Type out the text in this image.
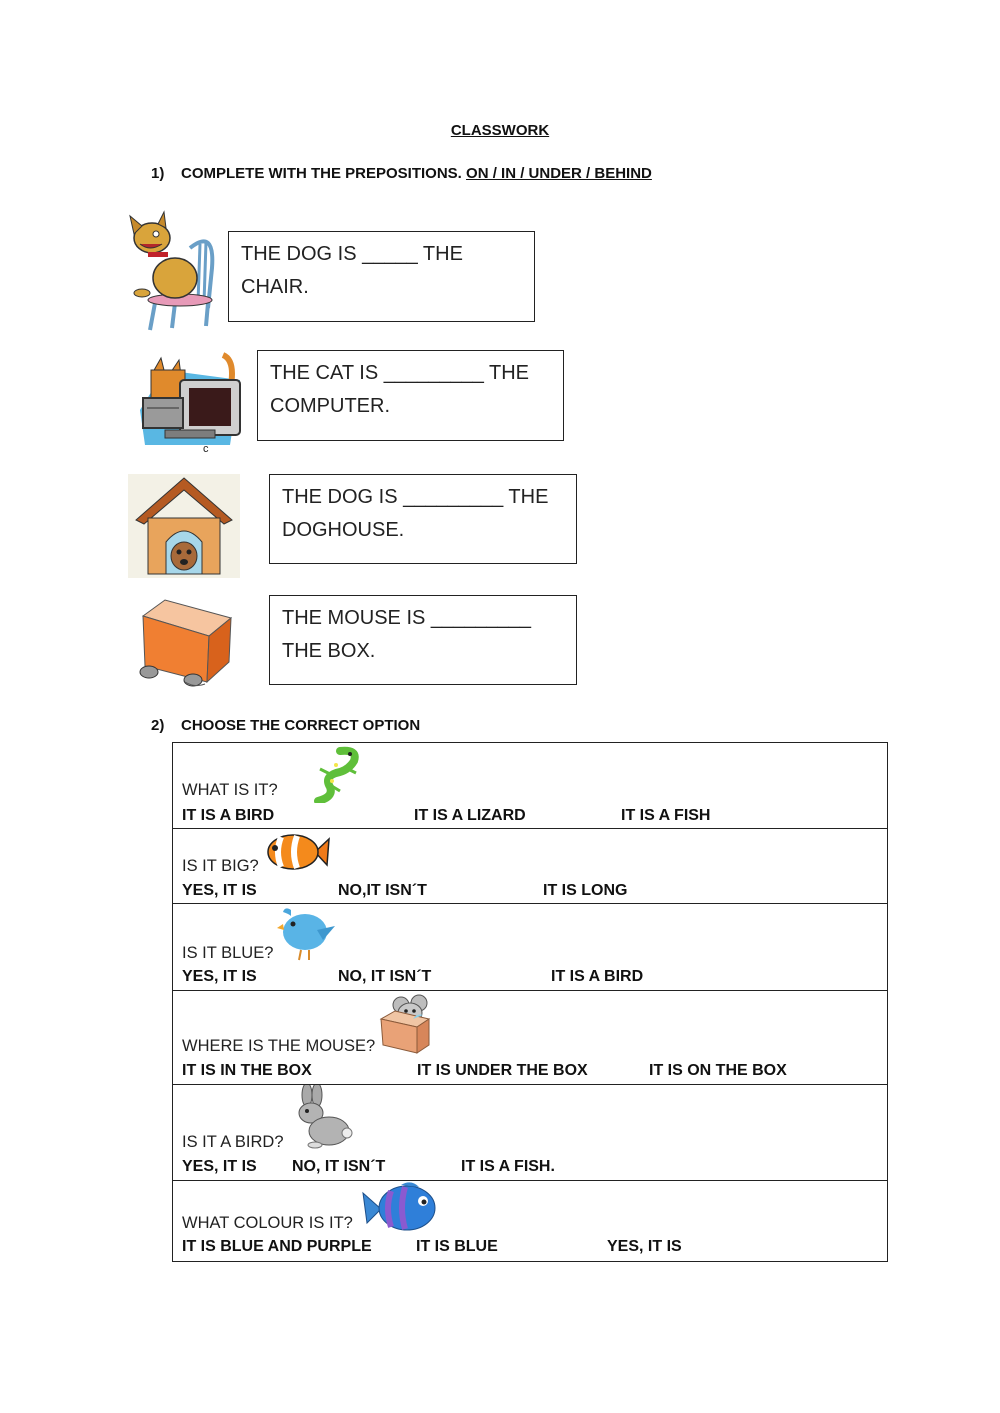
CLASSWORK
1) COMPLETE WITH THE PREPOSITIONS. ON / IN / UNDER / BEHIND
THE DOG IS _____ THE
CHAIR.
c
THE CAT IS _________ THE
COMPUTER.
THE DOG IS _________ THE
DOGHOUSE.
THE MOUSE IS _________
THE BOX.
2) CHOOSE THE CORRECT OPTION
WHAT IS IT?
IT IS A BIRD	IT IS A LIZARD	IT IS A FISH

IS IT BIG?
YES, IT IS	NO,IT ISN´T	IT IS LONG

IS IT BLUE?
YES, IT IS	NO, IT ISN´T	IT IS A BIRD

WHERE IS THE MOUSE?
IT IS IN THE BOX	IT IS UNDER THE BOX	IT IS ON THE BOX

IS IT A BIRD?
YES, IT IS NO, IT ISN´T	IT IS A FISH.

WHAT COLOUR IS IT?
IT IS BLUE AND PURPLE	IT IS BLUE	YES, IT IS
